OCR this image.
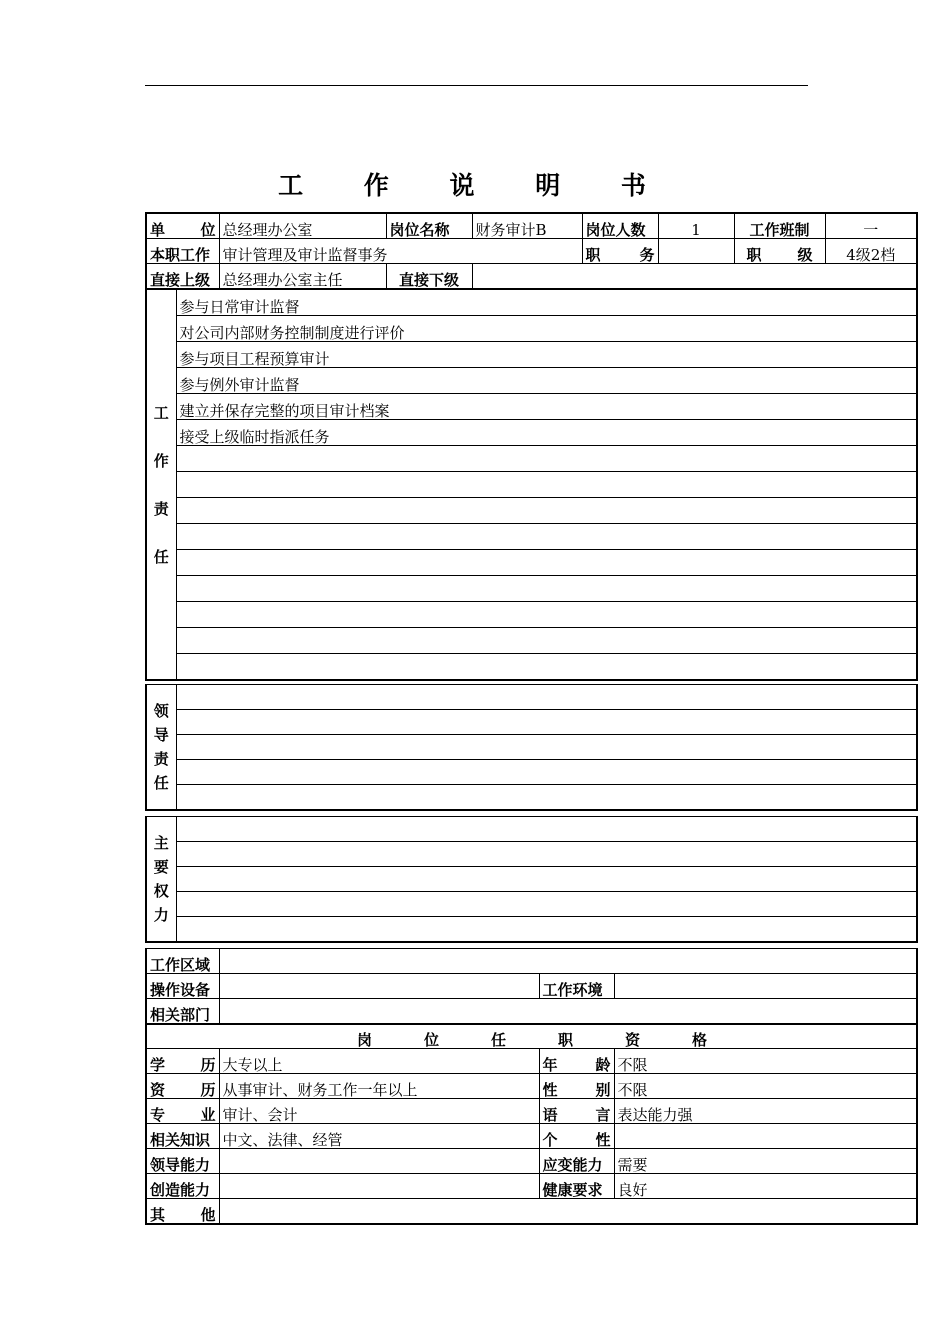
工 作 说 明 书
单位	总经理办公室	岗位名称	财务审计B	岗位人数	1	工作班制	一
本职工作	审计管理及审计监督事务			职务		职级	4级2档
直接上级	总经理办公室主任	直接下级					
工作责任
	参与日常审计监督
对公司内部财务控制制度进行评价
参与项目工程预算审计
参与例外审计监督
建立并保存完整的项目审计档案
接受上级临时指派任务

领导责任

主要权力

工作区域			
操作设备		工作环境	
相关部门			
岗位任职资格			
学历	大专以上	年龄	不限
资历	从事审计、财务工作一年以上	性别	不限
专业	审计、会计	语言	表达能力强
相关知识	中文、法律、经管	个性	
领导能力		应变能力	需要
创造能力		健康要求	良好
其他			
